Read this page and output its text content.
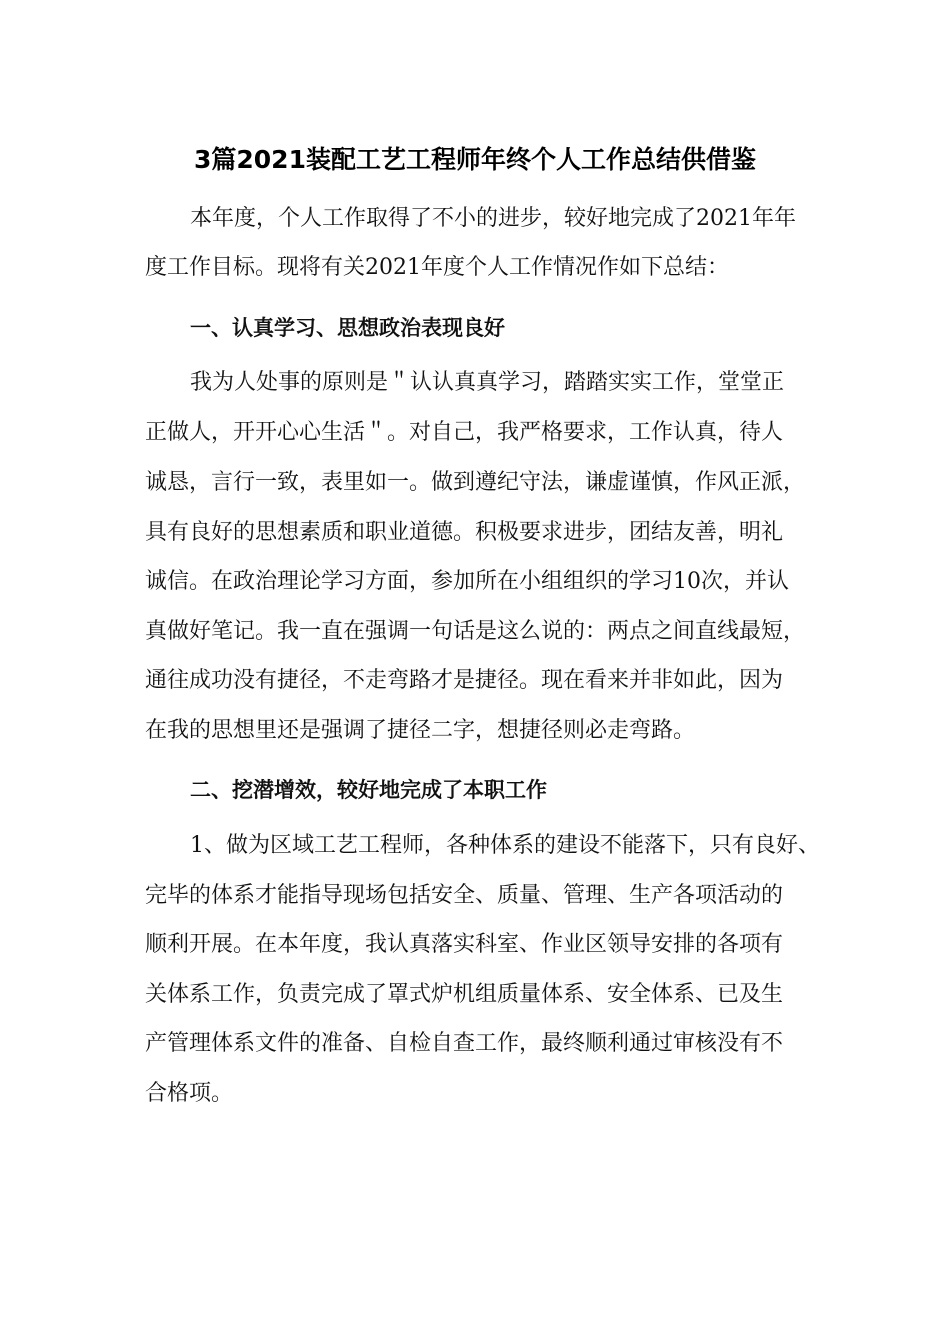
3篇2021装配工艺工程师年终个人工作总结供借鉴
本年度，个人工作取得了不小的进步，较好地完成了2021年年
度工作目标。现将有关2021年度个人工作情况作如下总结：
一、认真学习、思想政治表现良好
我为人处事的原则是＂认认真真学习，踏踏实实工作，堂堂正
正做人，开开心心生活＂。对自己，我严格要求，工作认真，待人
诚恳，言行一致，表里如一。做到遵纪守法，谦虚谨慎，作风正派，
具有良好的思想素质和职业道德。积极要求进步，团结友善，明礼
诚信。在政治理论学习方面，参加所在小组组织的学习10次，并认
真做好笔记。我一直在强调一句话是这么说的：两点之间直线最短，
通往成功没有捷径，不走弯路才是捷径。现在看来并非如此，因为
在我的思想里还是强调了捷径二字，想捷径则必走弯路。
二、挖潜增效，较好地完成了本职工作
1、做为区域工艺工程师，各种体系的建设不能落下，只有良好、
完毕的体系才能指导现场包括安全、质量、管理、生产各项活动的
顺利开展。在本年度，我认真落实科室、作业区领导安排的各项有
关体系工作，负责完成了罩式炉机组质量体系、安全体系、已及生
产管理体系文件的准备、自检自查工作，最终顺利通过审核没有不
合格项。
